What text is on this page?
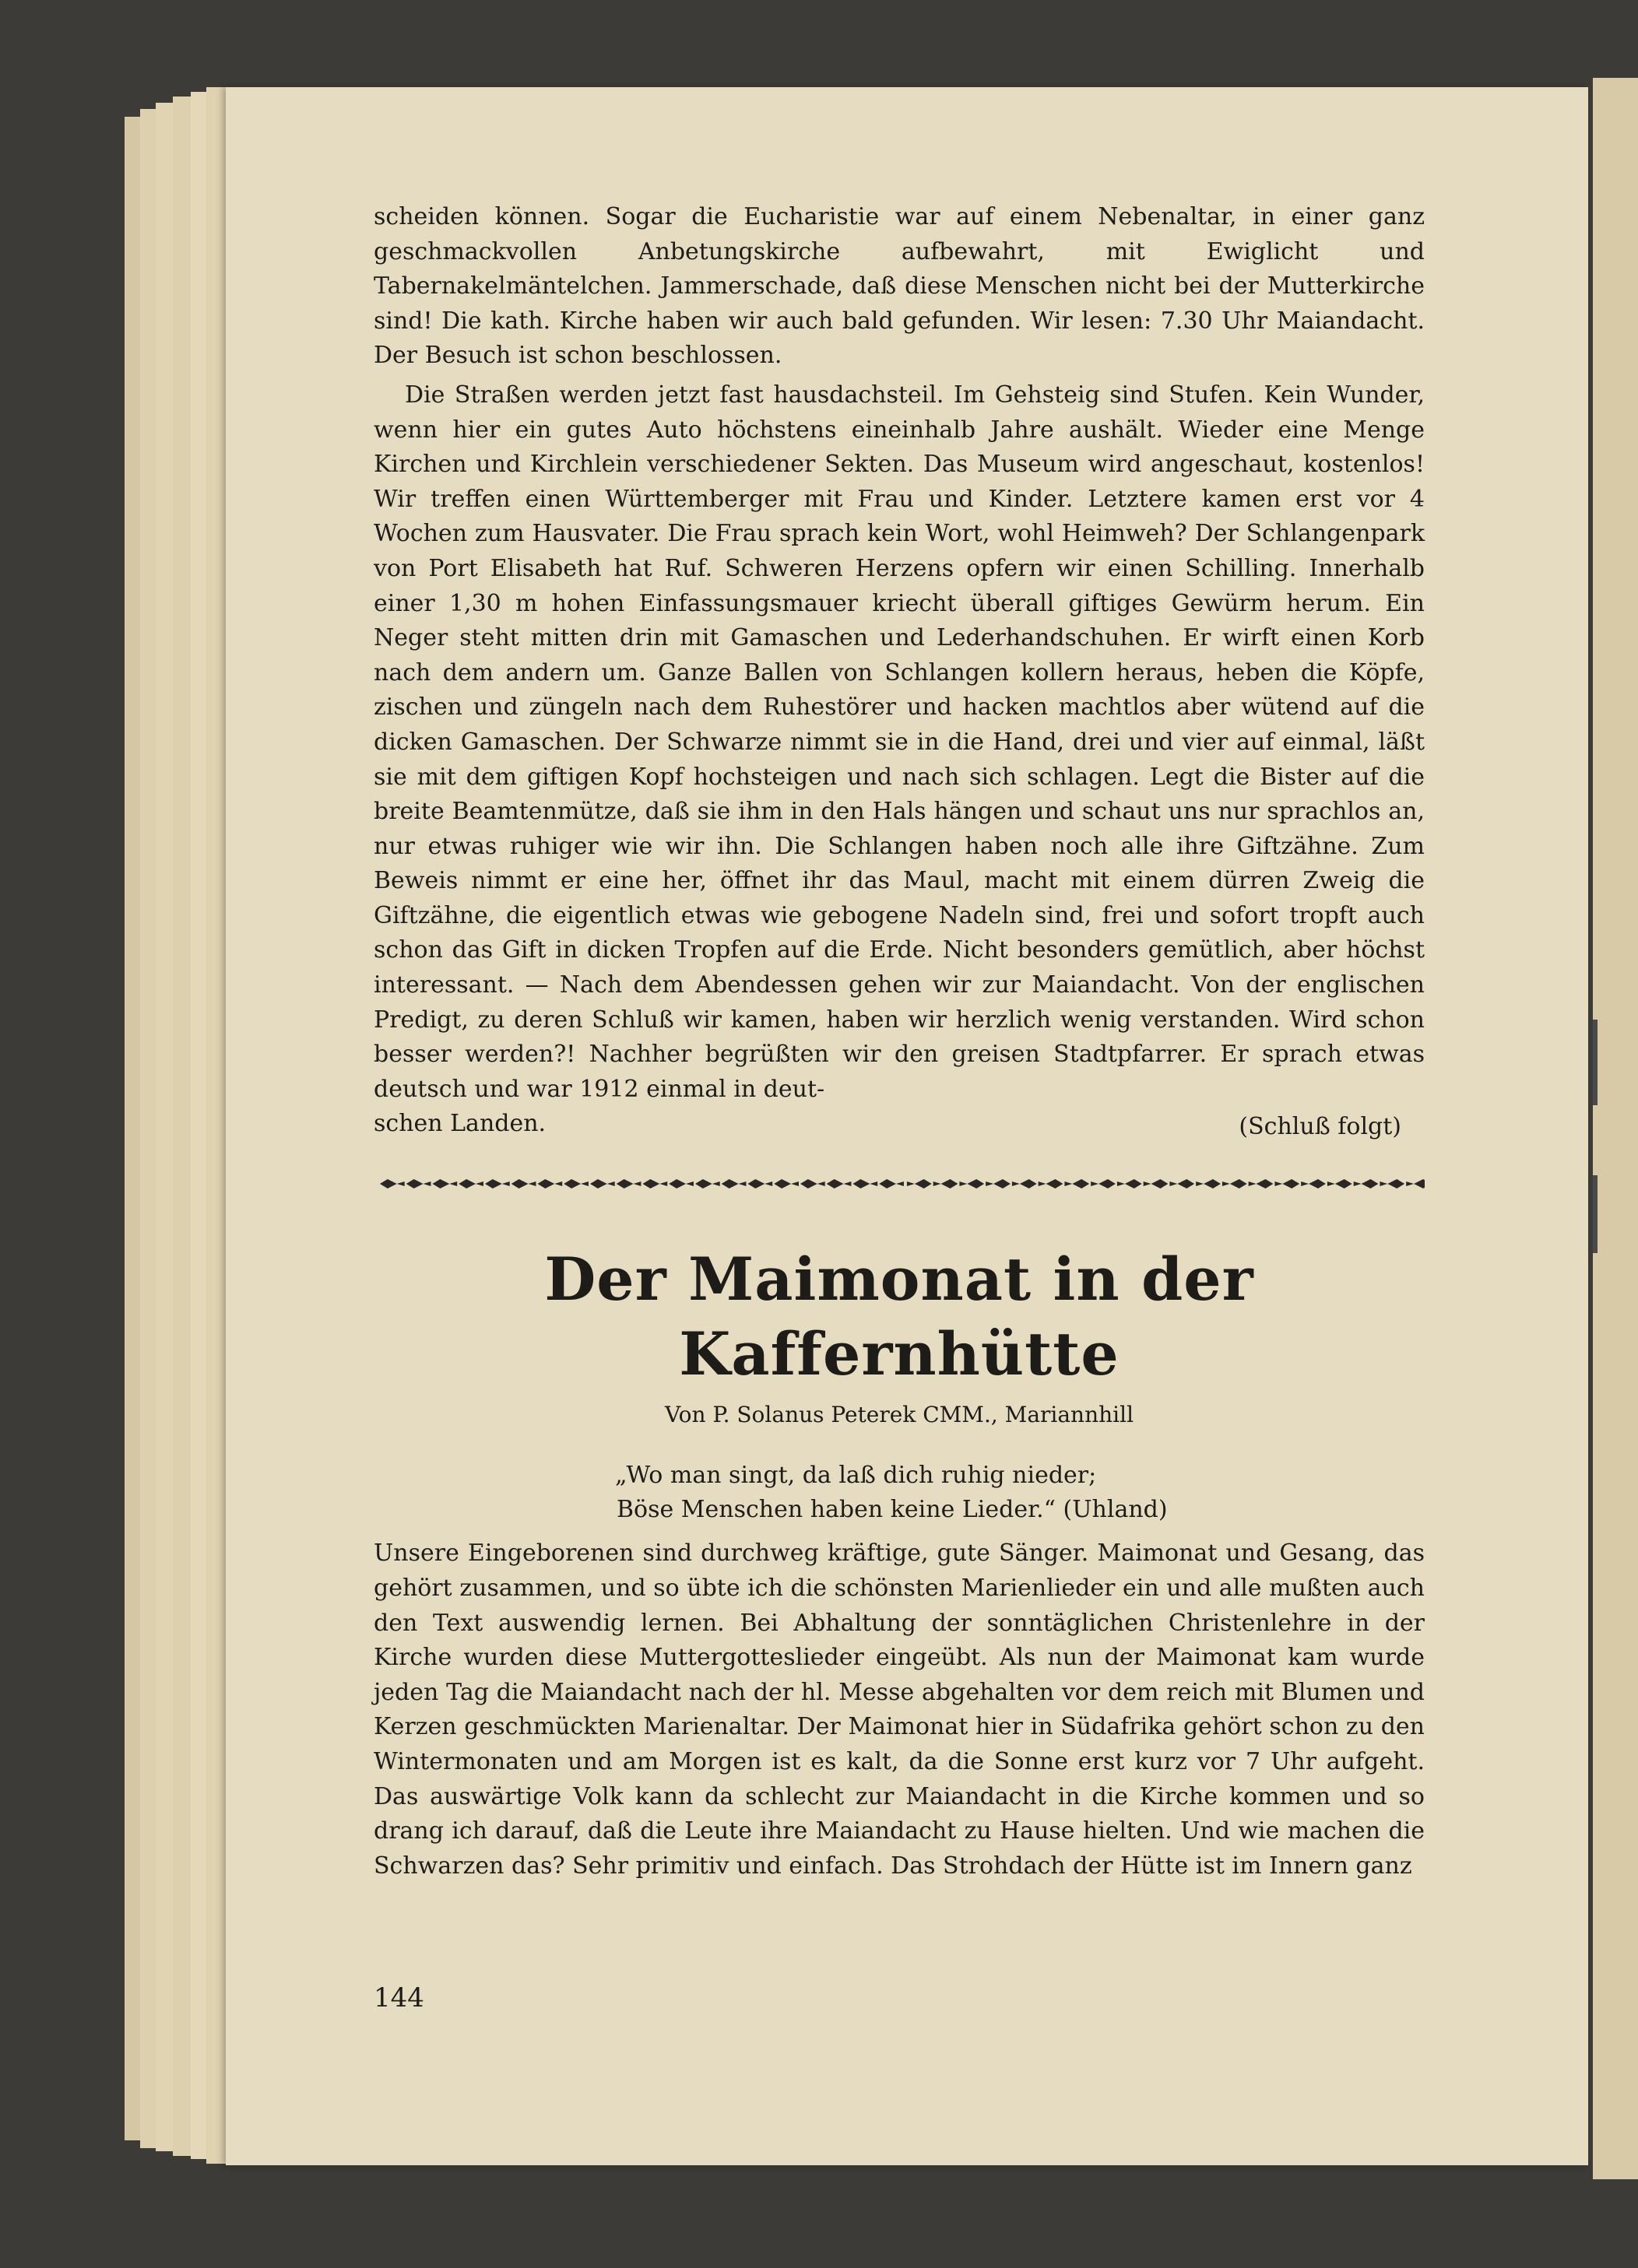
scheiden können. Sogar die Eucharistie war auf einem Nebenaltar, in einer ganz geschmackvollen Anbetungskirche aufbewahrt, mit Ewiglicht und Tabernakelmäntelchen. Jammerschade, daß diese Menschen nicht bei der Mutterkirche sind! Die kath. Kirche haben wir auch bald gefunden. Wir lesen: 7.30 Uhr Maiandacht. Der Besuch ist schon beschlossen.

Die Straßen werden jetzt fast hausdachsteil. Im Gehsteig sind Stufen. Kein Wunder, wenn hier ein gutes Auto höchstens eineinhalb Jahre aushält. Wieder eine Menge Kirchen und Kirchlein verschiedener Sekten. Das Museum wird angeschaut, kostenlos! Wir treffen einen Württemberger mit Frau und Kinder. Letztere kamen erst vor 4 Wochen zum Hausvater. Die Frau sprach kein Wort, wohl Heimweh? Der Schlangenpark von Port Elisabeth hat Ruf. Schweren Herzens opfern wir einen Schilling. Innerhalb einer 1,30 m hohen Einfassungsmauer kriecht überall giftiges Gewürm herum. Ein Neger steht mitten drin mit Gamaschen und Lederhandschuhen. Er wirft einen Korb nach dem andern um. Ganze Ballen von Schlangen kollern heraus, heben die Köpfe, zischen und züngeln nach dem Ruhestörer und hacken machtlos aber wütend auf die dicken Gamaschen. Der Schwarze nimmt sie in die Hand, drei und vier auf einmal, läßt sie mit dem giftigen Kopf hochsteigen und nach sich schlagen. Legt die Bister auf die breite Beamtenmütze, daß sie ihm in den Hals hängen und schaut uns nur sprachlos an, nur etwas ruhiger wie wir ihn. Die Schlangen haben noch alle ihre Giftzähne. Zum Beweis nimmt er eine her, öffnet ihr das Maul, macht mit einem dürren Zweig die Giftzähne, die eigentlich etwas wie gebogene Nadeln sind, frei und sofort tropft auch schon das Gift in dicken Tropfen auf die Erde. Nicht besonders gemütlich, aber höchst interessant. — Nach dem Abendessen gehen wir zur Maiandacht. Von der englischen Predigt, zu deren Schluß wir kamen, haben wir herzlich wenig verstanden. Wird schon besser werden?! Nachher begrüßten wir den greisen Stadtpfarrer. Er sprach etwas deutsch und war 1912 einmal in deut-

schen Landen.	(Schluß folgt)
Der Maimonat in der Kaffernhütte
Von P. Solanus Peterek CMM., Mariannhill
„Wo man singt, da laß dich ruhig nieder;
Böse Menschen haben keine Lieder.“ (Uhland)

Unsere Eingeborenen sind durchweg kräftige, gute Sänger. Maimonat und Gesang, das gehört zusammen, und so übte ich die schönsten Marienlieder ein und alle mußten auch den Text auswendig lernen. Bei Abhaltung der sonntäglichen Christenlehre in der Kirche wurden diese Muttergotteslieder eingeübt. Als nun der Maimonat kam wurde jeden Tag die Maiandacht nach der hl. Messe abgehalten vor dem reich mit Blumen und Kerzen geschmückten Marienaltar. Der Maimonat hier in Südafrika gehört schon zu den Wintermonaten und am Morgen ist es kalt, da die Sonne erst kurz vor 7 Uhr aufgeht. Das auswärtige Volk kann da schlecht zur Maiandacht in die Kirche kommen und so drang ich darauf, daß die Leute ihre Maiandacht zu Hause hielten. Und wie machen die Schwarzen das? Sehr primitiv und einfach. Das Strohdach der Hütte ist im Innern ganz

144
